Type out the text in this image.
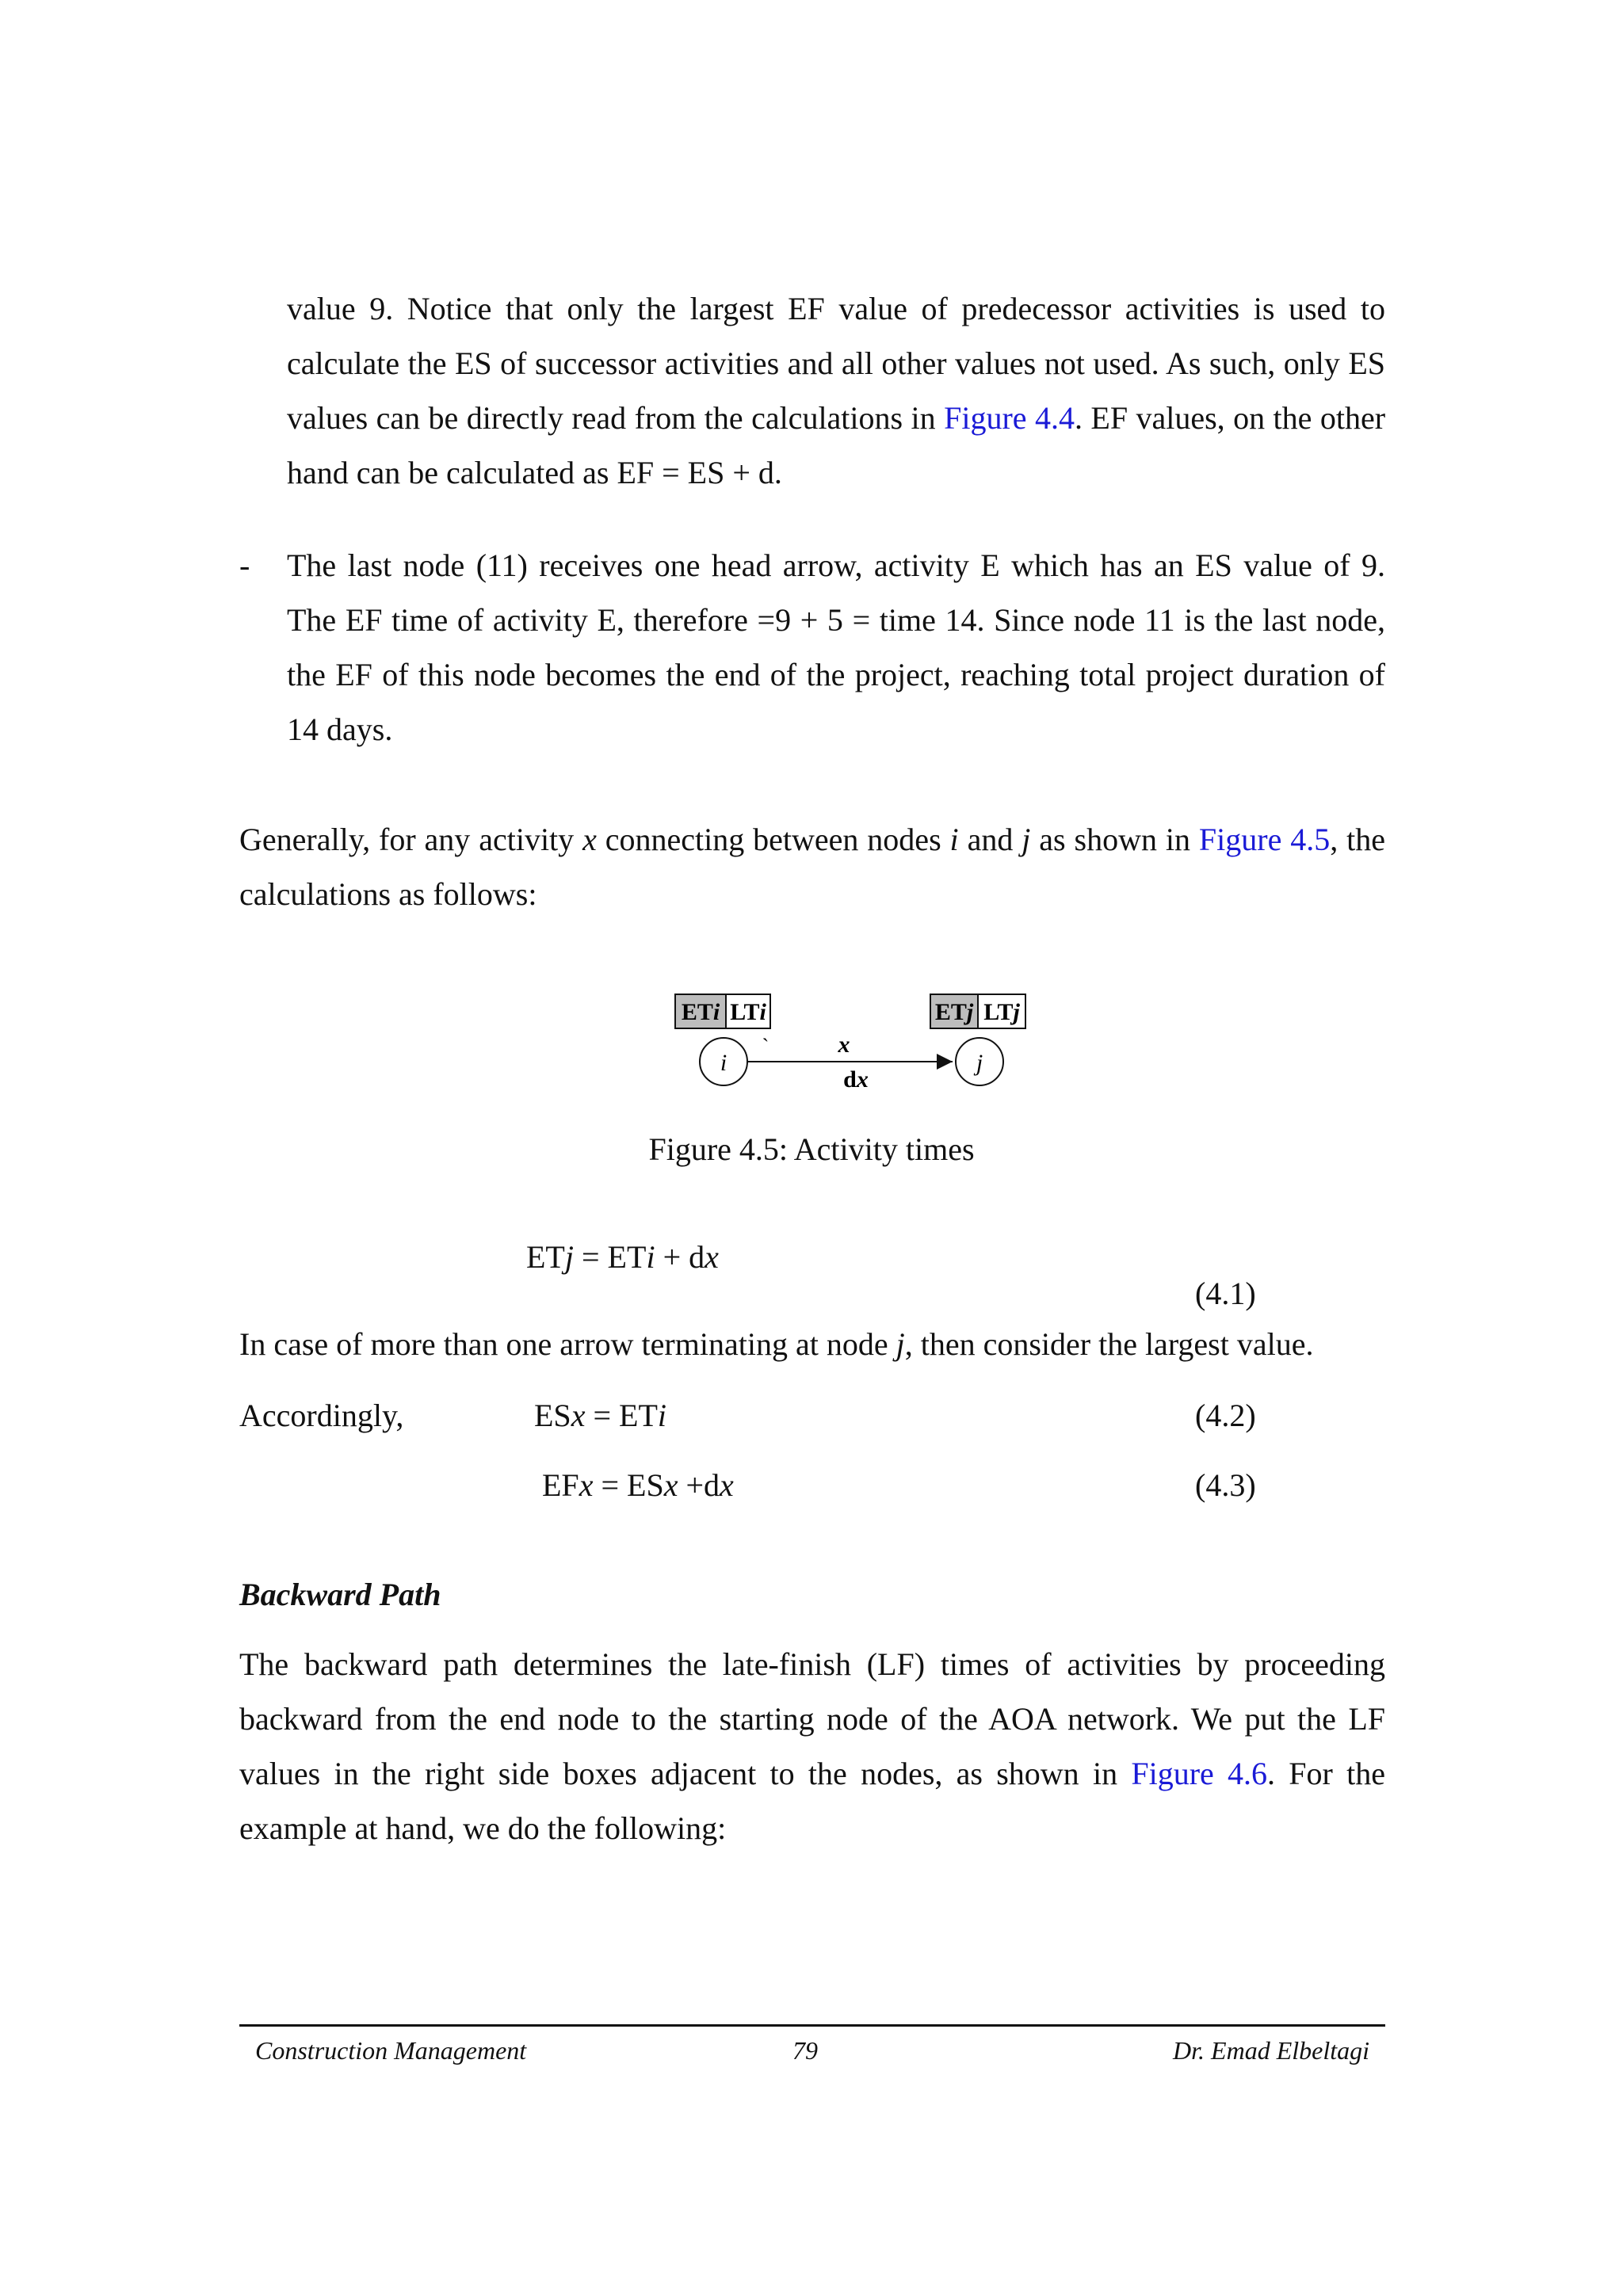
value 9. Notice that only the largest EF value of predecessor activities is used to calculate the ES of successor activities and all other values not used. As such, only ES values can be directly read from the calculations in Figure 4.4. EF values, on the other hand can be calculated as EF = ES + d.

- The last node (11) receives one head arrow, activity E which has an ES value of 9. The EF time of activity E, therefore =9 + 5 = time 14. Since node 11 is the last node, the EF of this node becomes the end of the project, reaching total project duration of 14 days.

Generally, for any activity x connecting between nodes i and j as shown in Figure 4.5, the calculations as follows:

ETi LTi	ETj LTj
`
i	j
x
dx
Figure 4.5: Activity times
ETj = ETi + dx
(4.1)

In case of more than one arrow terminating at node j, then consider the largest value.

Accordingly,	ESx = ETi	(4.2)
EFx = ESx +dx	(4.3)
Backward Path

The backward path determines the late-finish (LF) times of activities by proceeding backward from the end node to the starting node of the AOA network. We put the LF values in the right side boxes adjacent to the nodes, as shown in Figure 4.6. For the example at hand, we do the following:

Construction Management	79	Dr. Emad Elbeltagi
